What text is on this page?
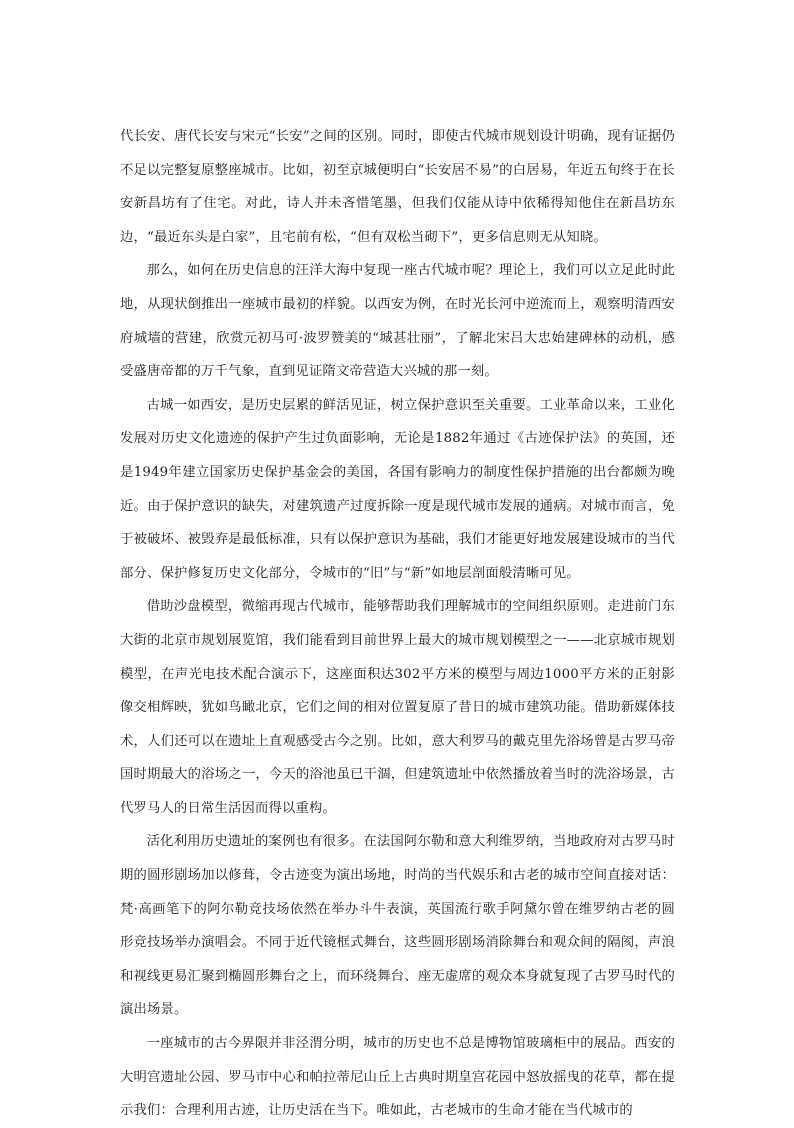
代长安、唐代长安与宋元“长安”之间的区别。同时，即使古代城市规划设计明确，现有证据仍不足以完整复原整座城市。比如，初至京城便明白“长安居不易”的白居易，年近五旬终于在长安新昌坊有了住宅。对此，诗人并未吝惜笔墨，但我们仅能从诗中依稀得知他住在新昌坊东边，“最近东头是白家”，且宅前有松，“但有双松当砌下”，更多信息则无从知晓。

那么，如何在历史信息的汪洋大海中复现一座古代城市呢？理论上，我们可以立足此时此地，从现状倒推出一座城市最初的样貌。以西安为例，在时光长河中逆流而上，观察明清西安府城墙的营建，欣赏元初马可·波罗赞美的“城甚壮丽”，了解北宋吕大忠始建碑林的动机，感受盛唐帝都的万千气象，直到见证隋文帝营造大兴城的那一刻。

古城一如西安，是历史层累的鲜活见证，树立保护意识至关重要。工业革命以来，工业化发展对历史文化遗迹的保护产生过负面影响，无论是1882年通过《古迹保护法》的英国，还是1949年建立国家历史保护基金会的美国，各国有影响力的制度性保护措施的出台都颇为晚近。由于保护意识的缺失，对建筑遗产过度拆除一度是现代城市发展的通病。对城市而言，免于被破坏、被毁弃是最低标准，只有以保护意识为基础，我们才能更好地发展建设城市的当代部分、保护修复历史文化部分，令城市的“旧”与“新”如地层剖面般清晰可见。

借助沙盘模型，微缩再现古代城市，能够帮助我们理解城市的空间组织原则。走进前门东大街的北京市规划展览馆，我们能看到目前世界上最大的城市规划模型之一——北京城市规划模型，在声光电技术配合演示下，这座面积达302平方米的模型与周边1000平方米的正射影像交相辉映，犹如鸟瞰北京，它们之间的相对位置复原了昔日的城市建筑功能。借助新媒体技术，人们还可以在遗址上直观感受古今之别。比如，意大利罗马的戴克里先浴场曾是古罗马帝国时期最大的浴场之一，今天的浴池虽已干涸，但建筑遗址中依然播放着当时的洗浴场景，古代罗马人的日常生活因而得以重构。

活化利用历史遗址的案例也有很多。在法国阿尔勒和意大利维罗纳，当地政府对古罗马时期的圆形剧场加以修葺，令古迹变为演出场地，时尚的当代娱乐和古老的城市空间直接对话：梵·高画笔下的阿尔勒竞技场依然在举办斗牛表演，英国流行歌手阿黛尔曾在维罗纳古老的圆形竞技场举办演唱会。不同于近代镜框式舞台，这些圆形剧场消除舞台和观众间的隔阂，声浪和视线更易汇聚到椭圆形舞台之上，而环绕舞台、座无虚席的观众本身就复现了古罗马时代的演出场景。

一座城市的古今界限并非泾渭分明，城市的历史也不总是博物馆玻璃柜中的展品。西安的大明宫遗址公园、罗马市中心和帕拉蒂尼山丘上古典时期皇宫花园中怒放摇曳的花草，都在提示我们：合理利用古迹，让历史活在当下。唯如此，古老城市的生命才能在当代城市的
